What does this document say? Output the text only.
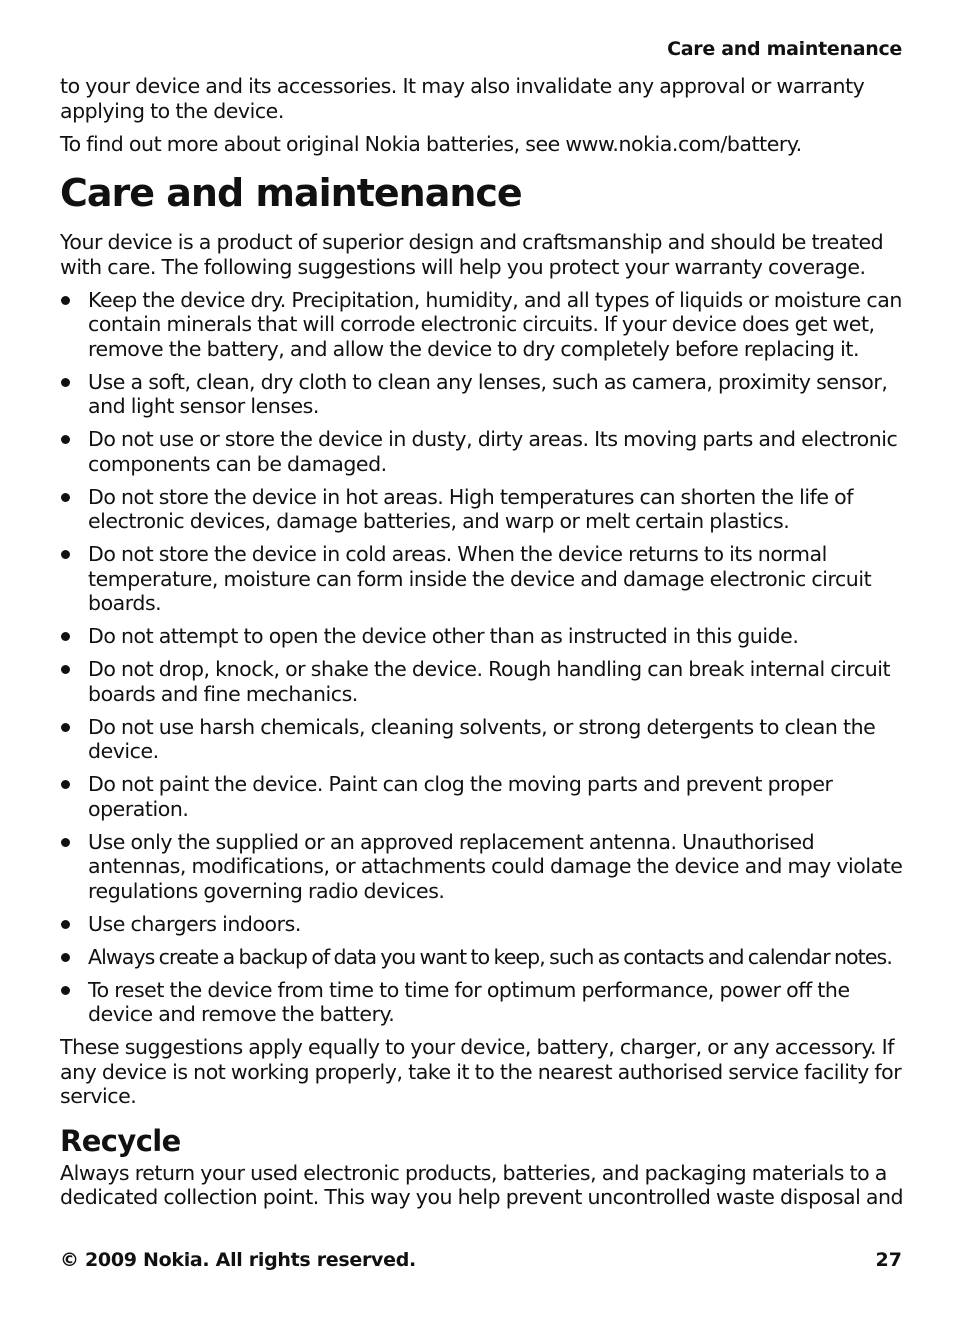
Care and maintenance

to your device and its accessories. It may also invalidate any approval or warranty applying to the device.

To find out more about original Nokia batteries, see www.nokia.com/battery.

Care and maintenance

Your device is a product of superior design and craftsmanship and should be treated with care. The following suggestions will help you protect your warranty coverage.

Keep the device dry. Precipitation, humidity, and all types of liquids or moisture can contain minerals that will corrode electronic circuits. If your device does get wet, remove the battery, and allow the device to dry completely before replacing it.
Use a soft, clean, dry cloth to clean any lenses, such as camera, proximity sensor, and light sensor lenses.
Do not use or store the device in dusty, dirty areas. Its moving parts and electronic components can be damaged.
Do not store the device in hot areas. High temperatures can shorten the life of electronic devices, damage batteries, and warp or melt certain plastics.
Do not store the device in cold areas. When the device returns to its normal temperature, moisture can form inside the device and damage electronic circuit boards.
Do not attempt to open the device other than as instructed in this guide.
Do not drop, knock, or shake the device. Rough handling can break internal circuit boards and fine mechanics.
Do not use harsh chemicals, cleaning solvents, or strong detergents to clean the device.
Do not paint the device. Paint can clog the moving parts and prevent proper operation.
Use only the supplied or an approved replacement antenna. Unauthorised antennas, modifications, or attachments could damage the device and may violate regulations governing radio devices.
Use chargers indoors.
Always create a backup of data you want to keep, such as contacts and calendar notes.
To reset the device from time to time for optimum performance, power off the device and remove the battery.

These suggestions apply equally to your device, battery, charger, or any accessory. If any device is not working properly, take it to the nearest authorised service facility for service.

Recycle

Always return your used electronic products, batteries, and packaging materials to a dedicated collection point. This way you help prevent uncontrolled waste disposal and

© 2009 Nokia. All rights reserved.	27
